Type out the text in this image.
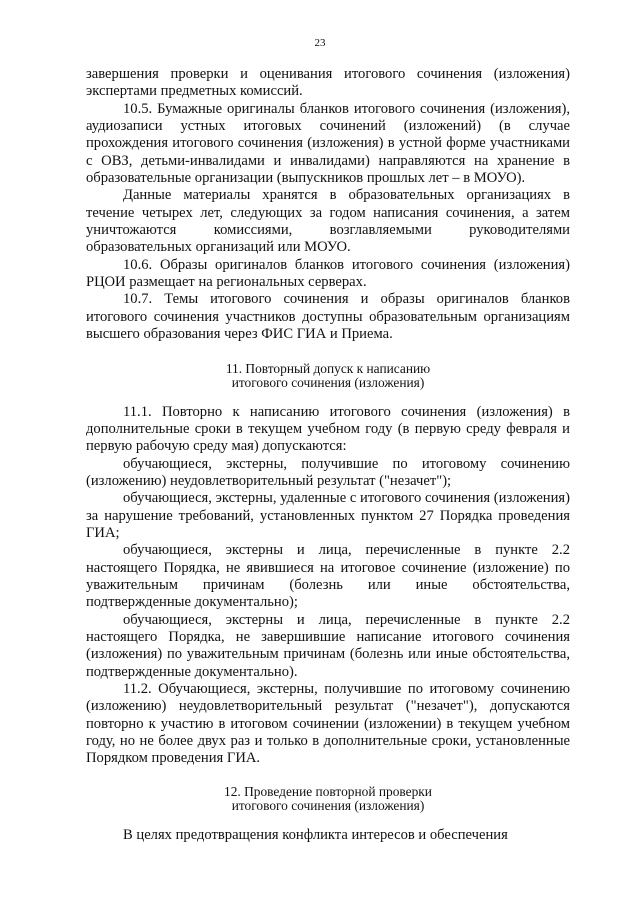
23

завершения проверки и оценивания итогового сочинения (изложения) экспертами предметных комиссий.

10.5. Бумажные оригиналы бланков итогового сочинения (изложения), аудиозаписи устных итоговых сочинений (изложений) (в случае прохождения итогового сочинения (изложения) в устной форме участниками с ОВЗ, детьми-инвалидами и инвалидами) направляются на хранение в образовательные организации (выпускников прошлых лет – в МОУО).

Данные материалы хранятся в образовательных организациях в течение четырех лет, следующих за годом написания сочинения, а затем уничтожаются комиссиями, возглавляемыми руководителями образовательных организаций или МОУО.

10.6. Образы оригиналов бланков итогового сочинения (изложения) РЦОИ размещает на региональных серверах.

10.7. Темы итогового сочинения и образы оригиналов бланков итогового сочинения участников доступны образовательным организациям высшего образования через ФИС ГИА и Приема.

11. Повторный допуск к написанию
итогового сочинения (изложения)

11.1. Повторно к написанию итогового сочинения (изложения) в дополнительные сроки в текущем учебном году (в первую среду февраля и первую рабочую среду мая) допускаются:

обучающиеся, экстерны, получившие по итоговому сочинению (изложению) неудовлетворительный результат ("незачет");

обучающиеся, экстерны, удаленные с итогового сочинения (изложения) за нарушение требований, установленных пунктом 27 Порядка проведения ГИА;

обучающиеся, экстерны и лица, перечисленные в пункте 2.2 настоящего Порядка, не явившиеся на итоговое сочинение (изложение) по уважительным причинам (болезнь или иные обстоятельства, подтвержденные документально);

обучающиеся, экстерны и лица, перечисленные в пункте 2.2 настоящего Порядка, не завершившие написание итогового сочинения (изложения) по уважительным причинам (болезнь или иные обстоятельства, подтвержденные документально).

11.2. Обучающиеся, экстерны, получившие по итоговому сочинению (изложению) неудовлетворительный результат ("незачет"), допускаются повторно к участию в итоговом сочинении (изложении) в текущем учебном году, но не более двух раз и только в дополнительные сроки, установленные Порядком проведения ГИА.

12. Проведение повторной проверки
итогового сочинения (изложения)

В целях предотвращения конфликта интересов и обеспечения
